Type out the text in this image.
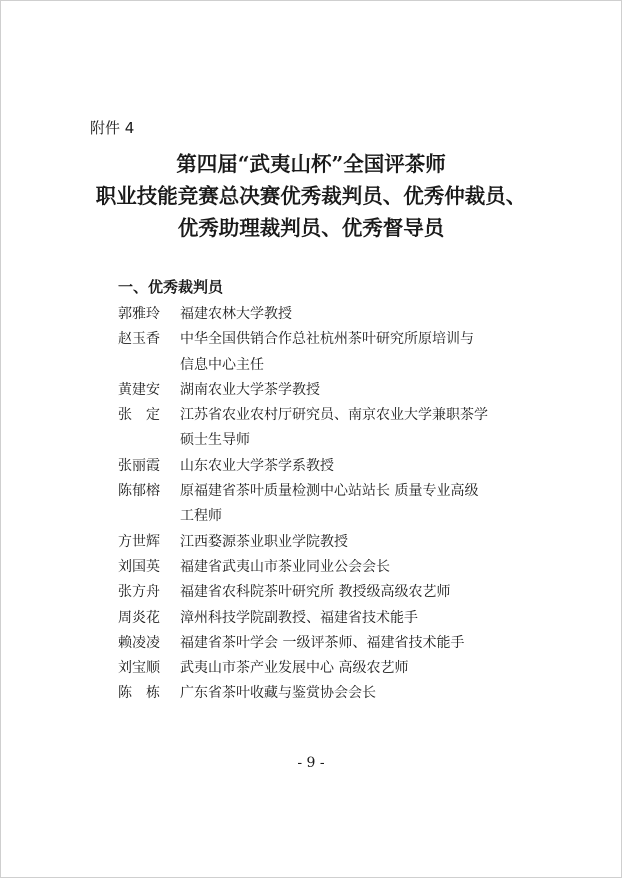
附件 4
第四届“武夷山杯”全国评茶师
职业技能竞赛总决赛优秀裁判员、优秀仲裁员、
优秀助理裁判员、优秀督导员
一、优秀裁判员
郭雅玲	福建农林大学教授
赵玉香	中华全国供销合作总社杭州茶叶研究所原培训与
信息中心主任
黄建安	湖南农业大学茶学教授
张　定	江苏省农业农村厅研究员、南京农业大学兼职茶学
硕士生导师
张丽霞	山东农业大学茶学系教授
陈郁榕	原福建省茶叶质量检测中心站站长 质量专业高级
工程师
方世辉	江西婺源茶业职业学院教授
刘国英	福建省武夷山市茶业同业公会会长
张方舟	福建省农科院茶叶研究所 教授级高级农艺师
周炎花	漳州科技学院副教授、福建省技术能手
赖凌凌	福建省茶叶学会 一级评茶师、福建省技术能手
刘宝顺	武夷山市茶产业发展中心 高级农艺师
陈　栋	广东省茶叶收藏与鉴赏协会会长
- 9 -
